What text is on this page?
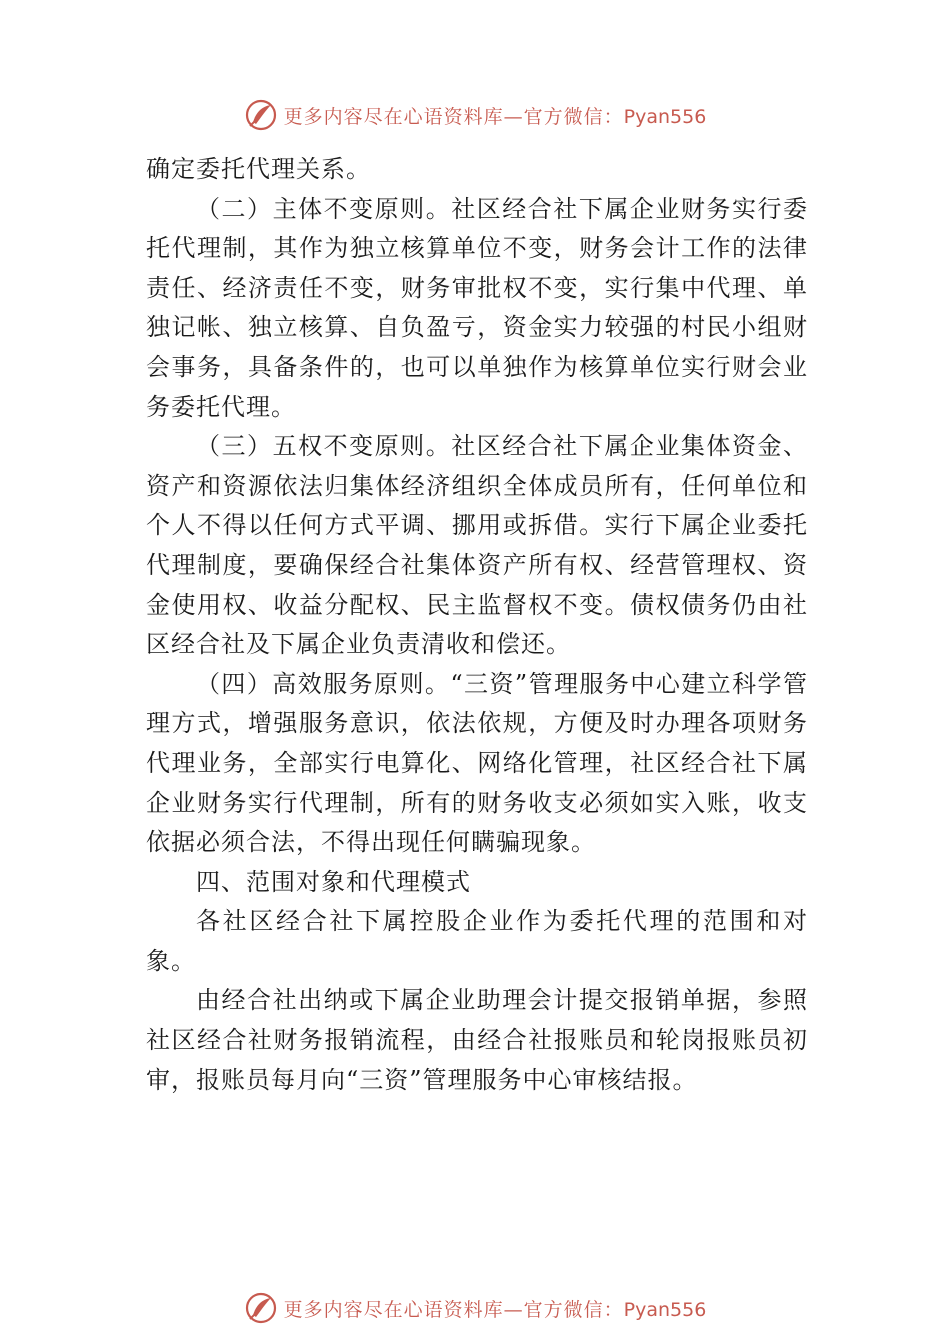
更多内容尽在心语资料库—官方微信：Pyan556

确定委托代理关系。

（二）主体不变原则。社区经合社下属企业财务实行委托代理制，其作为独立核算单位不变，财务会计工作的法律责任、经济责任不变，财务审批权不变，实行集中代理、单独记帐、独立核算、自负盈亏，资金实力较强的村民小组财会事务，具备条件的，也可以单独作为核算单位实行财会业务委托代理。

（三）五权不变原则。社区经合社下属企业集体资金、资产和资源依法归集体经济组织全体成员所有，任何单位和个人不得以任何方式平调、挪用或拆借。实行下属企业委托代理制度，要确保经合社集体资产所有权、经营管理权、资金使用权、收益分配权、民主监督权不变。债权债务仍由社区经合社及下属企业负责清收和偿还。

（四）高效服务原则。“三资”管理服务中心建立科学管理方式，增强服务意识，依法依规，方便及时办理各项财务代理业务，全部实行电算化、网络化管理，社区经合社下属企业财务实行代理制，所有的财务收支必须如实入账，收支依据必须合法，不得出现任何瞒骗现象。

四、范围对象和代理模式

各社区经合社下属控股企业作为委托代理的范围和对象。

由经合社出纳或下属企业助理会计提交报销单据，参照社区经合社财务报销流程，由经合社报账员和轮岗报账员初审，报账员每月向“三资”管理服务中心审核结报。

更多内容尽在心语资料库—官方微信：Pyan556
